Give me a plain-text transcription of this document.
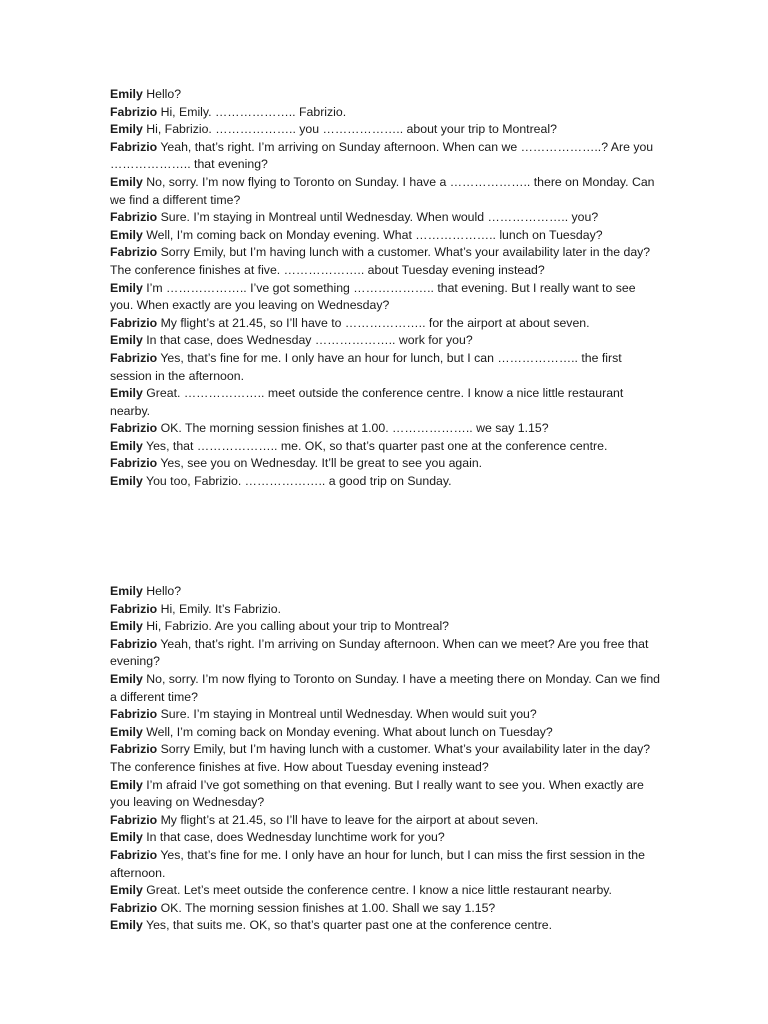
Emily Hello?

Fabrizio Hi, Emily. ……………….. Fabrizio.

Emily Hi, Fabrizio. ……………….. you ……………….. about your trip to Montreal?

Fabrizio Yeah, that’s right. I’m arriving on Sunday afternoon. When can we ………………..? Are you ……………….. that evening?

Emily No, sorry. I’m now flying to Toronto on Sunday. I have a ……………….. there on Monday. Can we find a different time?

Fabrizio Sure. I’m staying in Montreal until Wednesday. When would ……………….. you?

Emily Well, I’m coming back on Monday evening. What ……………….. lunch on Tuesday?

Fabrizio Sorry Emily, but I’m having lunch with a customer. What’s your availability later in the day? The conference finishes at five. ……………….. about Tuesday evening instead?

Emily I’m ……………….. I’ve got something ……………….. that evening. But I really want to see you. When exactly are you leaving on Wednesday?

Fabrizio My flight’s at 21.45, so I’ll have to ……………….. for the airport at about seven.

Emily In that case, does Wednesday ……………….. work for you?

Fabrizio Yes, that’s fine for me. I only have an hour for lunch, but I can ……………….. the first session in the afternoon.

Emily Great. ……………….. meet outside the conference centre. I know a nice little restaurant nearby.

Fabrizio OK. The morning session finishes at 1.00. ……………….. we say 1.15?

Emily Yes, that ……………….. me. OK, so that’s quarter past one at the conference centre.

Fabrizio Yes, see you on Wednesday. It’ll be great to see you again.

Emily You too, Fabrizio. ……………….. a good trip on Sunday.

Emily Hello?

Fabrizio Hi, Emily. It’s Fabrizio.

Emily Hi, Fabrizio. Are you calling about your trip to Montreal?

Fabrizio Yeah, that’s right. I’m arriving on Sunday afternoon. When can we meet? Are you free that evening?

Emily No, sorry. I’m now flying to Toronto on Sunday. I have a meeting there on Monday. Can we find a different time?

Fabrizio Sure. I’m staying in Montreal until Wednesday. When would suit you?

Emily Well, I’m coming back on Monday evening. What about lunch on Tuesday?

Fabrizio Sorry Emily, but I’m having lunch with a customer. What’s your availability later in the day? The conference finishes at five. How about Tuesday evening instead?

Emily I’m afraid I’ve got something on that evening. But I really want to see you. When exactly are you leaving on Wednesday?

Fabrizio My flight’s at 21.45, so I’ll have to leave for the airport at about seven.

Emily In that case, does Wednesday lunchtime work for you?

Fabrizio Yes, that’s fine for me. I only have an hour for lunch, but I can miss the first session in the afternoon.

Emily Great. Let’s meet outside the conference centre. I know a nice little restaurant nearby.

Fabrizio OK. The morning session finishes at 1.00. Shall we say 1.15?

Emily Yes, that suits me. OK, so that’s quarter past one at the conference centre.
